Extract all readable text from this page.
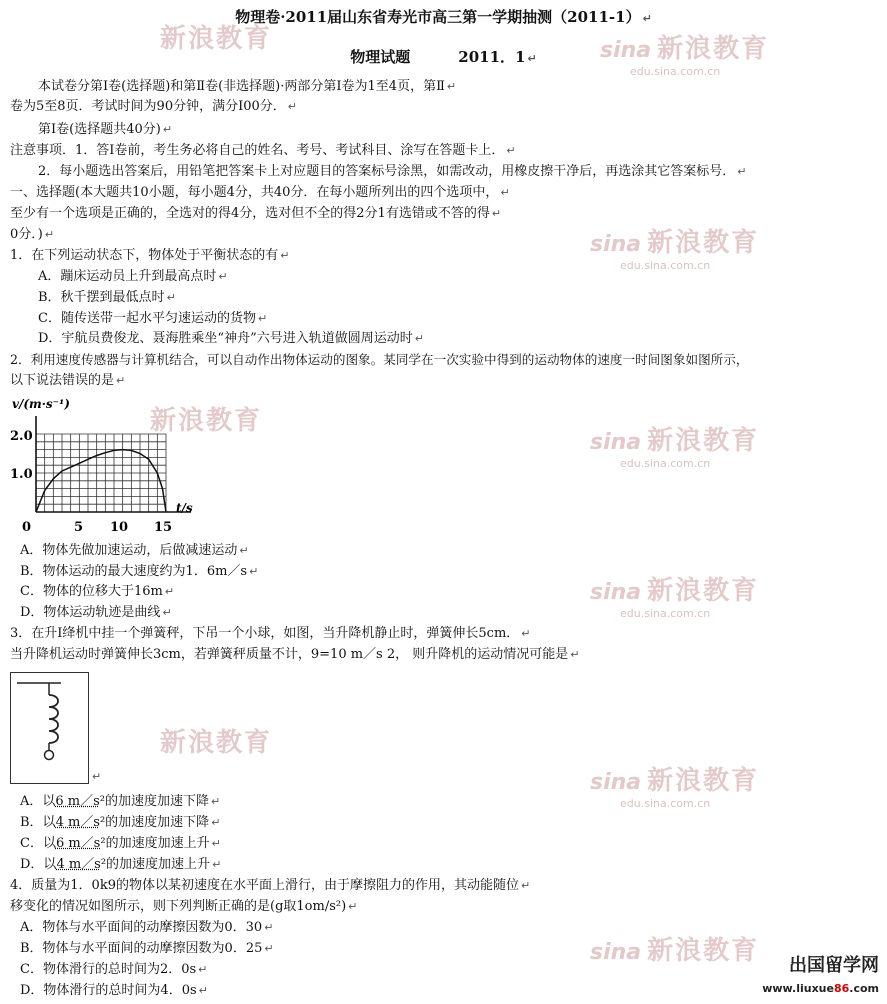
sina 新浪教育
edu.sina.com.cn
新浪教育
sina 新浪教育
edu.sina.com.cn
sina 新浪教育
edu.sina.com.cn
新浪教育
sina 新浪教育
edu.sina.com.cn
新浪教育
sina 新浪教育
edu.sina.com.cn
sina 新浪教育
物理卷·2011届山东省寿光市高三第一学期抽测（2011-1） ↵
物理试题	2011．1 ↵
本试卷分第Ⅰ卷(选择题)和第Ⅱ卷(非选择题)·两部分第Ⅰ卷为1至4页，第Ⅱ ↵
卷为5至8页．考试时间为90分钟，满分I00分． ↵
第Ⅰ卷(选择题共40分) ↵
注意事项．1．答Ⅰ卷前，考生务必将自己的姓名、考号、考试科目、涂写在答题卡上． ↵
2．每小题选出答案后，用铅笔把答案卡上对应题目的答案标号涂黑，如需改动，用橡皮擦干净后，再选涂其它答案标号． ↵
一、选择题(本大题共10小题，每小题4分，共40分．在每小题所列出的四个选项中， ↵
至少有一个选项是正确的，全选对的得4分，选对但不全的得2分1有选错或不答的得 ↵
0分．) ↵
1．在下列运动状态下，物体处于平衡状态的有 ↵
A．蹦床运动员上升到最高点时 ↵
B．秋千摆到最低点时 ↵
C．随传送带一起水平匀速运动的货物 ↵
D．宇航员费俊龙、聂海胜乘坐“神舟”六号进入轨道做圆周运动时 ↵
2．利用速度传感器与计算机结合，可以自动作出物体运动的图象。某同学在一次实验中得到的运动物体的速度一时间图象如图所示，
以下说法错误的是 ↵
v/(m·s⁻¹)
t/s
2.0
1.0
0	5 10 15
A．物体先做加速运动，后做减速运动 ↵
B．物体运动的最大速度约为1．6m／s ↵
C．物体的位移大于16m ↵
D．物体运动轨迹是曲线 ↵
3．在升Ⅰ绛机中挂一个弹簧秤，下吊一个小球，如图，当升降机静止时，弹簧伸长5cm． ↵
当升降机运动时弹簧伸长3cm，若弹簧秤质量不计，9=10 m／s 2， 则升降机的运动情况可能是 ↵
↵
A．以6 m／s²的加速度加速下降 ↵
B．以4 m／s²的加速度加速下降 ↵
C．以6 m／s²的加速度加速上升 ↵
D．以4 m／s²的加速度加速上升 ↵
4．质量为1．0k9的物体以某初速度在水平面上滑行，由于摩擦阻力的作用，其动能随位 ↵
移变化的情况如图所示，则下列判断正确的是(g取1om/s²) ↵
A．物体与水平面间的动摩擦因数为0．30 ↵
B．物体与水平面间的动摩擦因数为0．25 ↵
C．物体滑行的总时间为2．0s ↵
D．物体滑行的总时间为4．0s ↵
出国留学网
www.liuxue86.com
